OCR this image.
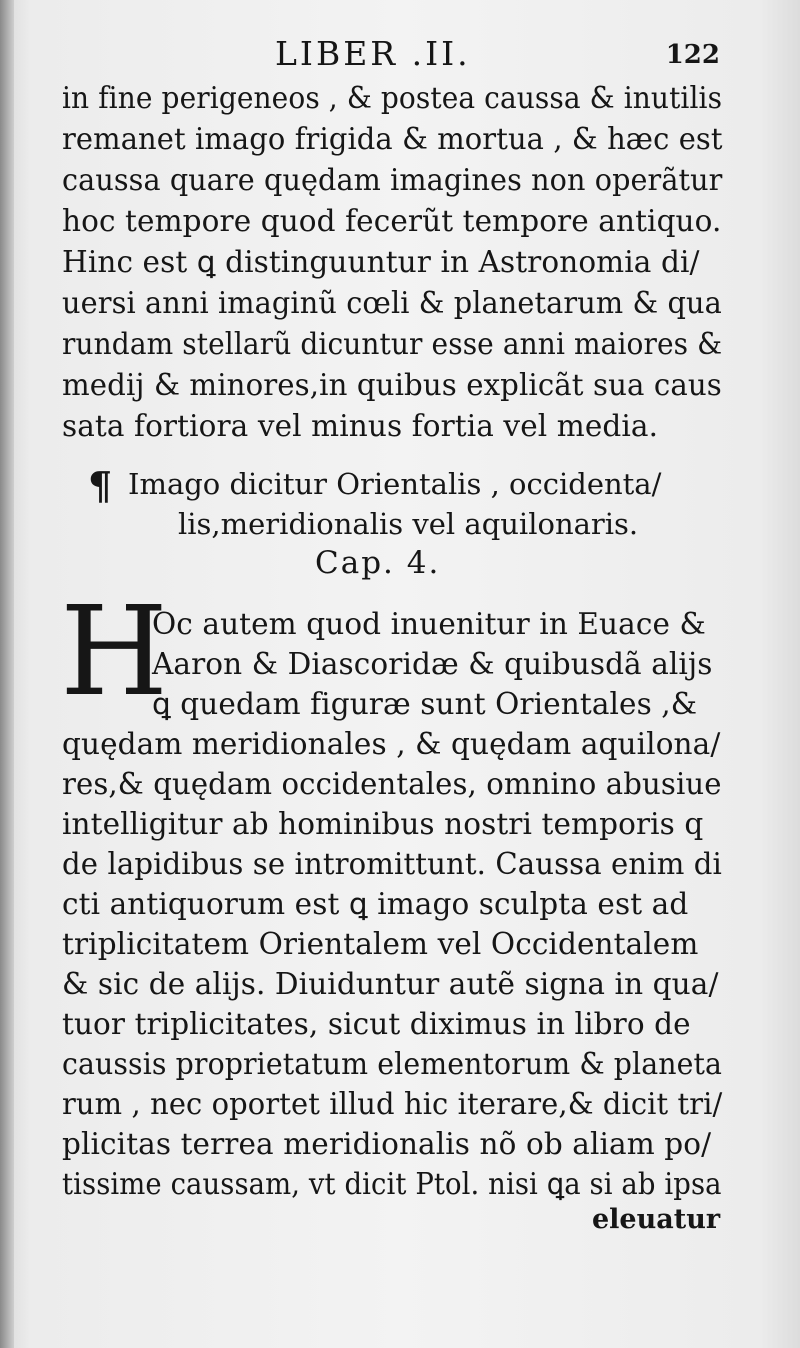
LIBER .II.	122
in fine perigeneos , & postea caussa & inutilis
remanet imago frigida & mortua , & hæc est
caussa quare quędam imagines non operãtur
hoc tempore quod fecerũt tempore antiquo.
Hinc est ꝗ distinguuntur in Astronomia di/
uersi anni imaginũ cœli & planetarum & qua
rundam stellarũ dicuntur esse anni maiores &
medij & minores,in quibus explicãt sua caus
sata fortiora vel minus fortia vel media.
¶ Imago dicitur Orientalis , occidenta/
lis,meridionalis vel aquilonaris.
Cap. 4.
H
Oc autem quod inuenitur in Euace &
Aaron & Diascoridæ & quibusdã alijs
ꝗ quedam figuræ sunt Orientales ,&
quędam meridionales , & quędam aquilona/
res,& quędam occidentales, omnino abusiue
intelligitur ab hominibus nostri temporis q
de lapidibus se intromittunt. Caussa enim di
cti antiquorum est ꝗ imago sculpta est ad
triplicitatem Orientalem vel Occidentalem
& sic de alijs. Diuiduntur autẽ signa in qua/
tuor triplicitates, sicut diximus in libro de
caussis proprietatum elementorum & planeta
rum , nec oportet illud hic iterare,& dicit tri/
plicitas terrea meridionalis nõ ob aliam po/
tissime caussam, vt dicit Ptol. nisi ꝗa si ab ipsa
eleuatur
